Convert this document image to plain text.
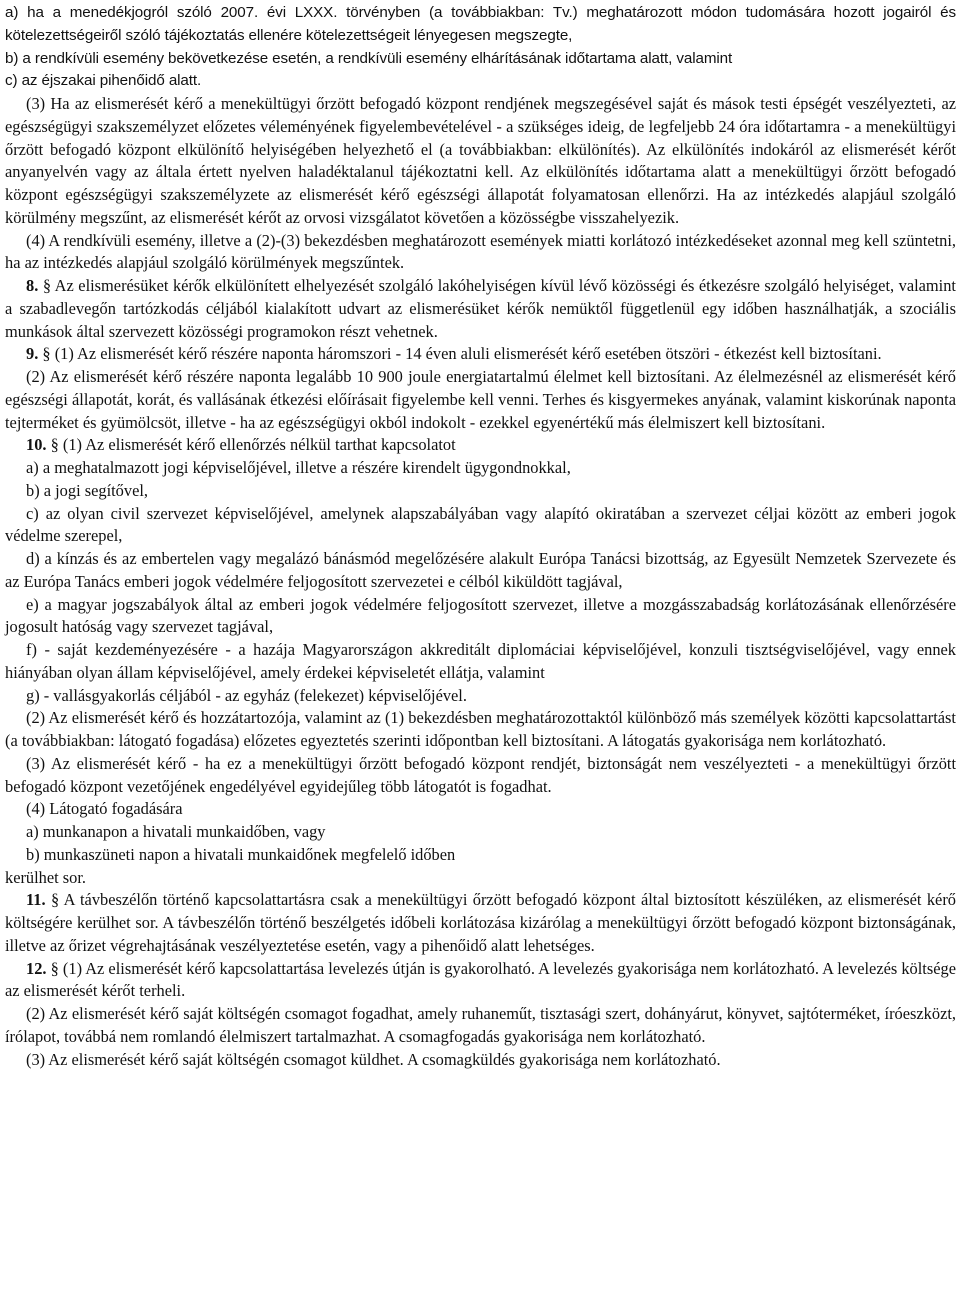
a) ha a menedékjogról szóló 2007. évi LXXX. törvényben (a továbbiakban: Tv.) meghatározott módon tudomására hozott jogairól és kötelezettségeiről szóló tájékoztatás ellenére kötelezettségeit lényegesen megszegte,

b) a rendkívüli esemény bekövetkezése esetén, a rendkívüli esemény elhárításának időtartama alatt, valamint

c) az éjszakai pihenőidő alatt.

(3) Ha az elismerését kérő a menekültügyi őrzött befogadó központ rendjének megszegésével saját és mások testi épségét veszélyezteti, az egészségügyi szakszemélyzet előzetes véleményének figyelembevételével - a szükséges ideig, de legfeljebb 24 óra időtartamra - a menekültügyi őrzött befogadó központ elkülönítő helyiségében helyezhető el (a továbbiakban: elkülönítés). Az elkülönítés indokáról az elismerését kérőt anyanyelvén vagy az általa értett nyelven haladéktalanul tájékoztatni kell. Az elkülönítés időtartama alatt a menekültügyi őrzött befogadó központ egészségügyi szakszemélyzete az elismerését kérő egészségi állapotát folyamatosan ellenőrzi. Ha az intézkedés alapjául szolgáló körülmény megszűnt, az elismerését kérőt az orvosi vizsgálatot követően a közösségbe visszahelyezik.

(4) A rendkívüli esemény, illetve a (2)-(3) bekezdésben meghatározott események miatti korlátozó intézkedéseket azonnal meg kell szüntetni, ha az intézkedés alapjául szolgáló körülmények megszűntek.

8. § Az elismerésüket kérők elkülönített elhelyezését szolgáló lakóhelyiségen kívül lévő közösségi és étkezésre szolgáló helyiséget, valamint a szabadlevegőn tartózkodás céljából kialakított udvart az elismerésüket kérők nemüktől függetlenül egy időben használhatják, a szociális munkások által szervezett közösségi programokon részt vehetnek.

9. § (1) Az elismerését kérő részére naponta háromszori - 14 éven aluli elismerését kérő esetében ötszöri - étkezést kell biztosítani.

(2) Az elismerését kérő részére naponta legalább 10 900 joule energiatartalmú élelmet kell biztosítani. Az élelmezésnél az elismerését kérő egészségi állapotát, korát, és vallásának étkezési előírásait figyelembe kell venni. Terhes és kisgyermekes anyának, valamint kiskorúnak naponta tejterméket és gyümölcsöt, illetve - ha az egészségügyi okból indokolt - ezekkel egyenértékű más élelmiszert kell biztosítani.

10. § (1) Az elismerését kérő ellenőrzés nélkül tarthat kapcsolatot

a) a meghatalmazott jogi képviselőjével, illetve a részére kirendelt ügygondnokkal,

b) a jogi segítővel,

c) az olyan civil szervezet képviselőjével, amelynek alapszabályában vagy alapító okiratában a szervezet céljai között az emberi jogok védelme szerepel,

d) a kínzás és az embertelen vagy megalázó bánásmód megelőzésére alakult Európa Tanácsi bizottság, az Egyesült Nemzetek Szervezete és az Európa Tanács emberi jogok védelmére feljogosított szervezetei e célból kiküldött tagjával,

e) a magyar jogszabályok által az emberi jogok védelmére feljogosított szervezet, illetve a mozgásszabadság korlátozásának ellenőrzésére jogosult hatóság vagy szervezet tagjával,

f) - saját kezdeményezésére - a hazája Magyarországon akkreditált diplomáciai képviselőjével, konzuli tisztségviselőjével, vagy ennek hiányában olyan állam képviselőjével, amely érdekei képviseletét ellátja, valamint

g) - vallásgyakorlás céljából - az egyház (felekezet) képviselőjével.

(2) Az elismerését kérő és hozzátartozója, valamint az (1) bekezdésben meghatározottaktól különböző más személyek közötti kapcsolattartást (a továbbiakban: látogató fogadása) előzetes egyeztetés szerinti időpontban kell biztosítani. A látogatás gyakorisága nem korlátozható.

(3) Az elismerését kérő - ha ez a menekültügyi őrzött befogadó központ rendjét, biztonságát nem veszélyezteti - a menekültügyi őrzött befogadó központ vezetőjének engedélyével egyidejűleg több látogatót is fogadhat.

(4) Látogató fogadására

a) munkanapon a hivatali munkaidőben, vagy

b) munkaszüneti napon a hivatali munkaidőnek megfelelő időben

kerülhet sor.

11. § A távbeszélőn történő kapcsolattartásra csak a menekültügyi őrzött befogadó központ által biztosított készüléken, az elismerését kérő költségére kerülhet sor. A távbeszélőn történő beszélgetés időbeli korlátozása kizárólag a menekültügyi őrzött befogadó központ biztonságának, illetve az őrizet végrehajtásának veszélyeztetése esetén, vagy a pihenőidő alatt lehetséges.

12. § (1) Az elismerését kérő kapcsolattartása levelezés útján is gyakorolható. A levelezés gyakorisága nem korlátozható. A levelezés költsége az elismerését kérőt terheli.

(2) Az elismerését kérő saját költségén csomagot fogadhat, amely ruhaneműt, tisztasági szert, dohányárut, könyvet, sajtóterméket, íróeszközt, írólapot, továbbá nem romlandó élelmiszert tartalmazhat. A csomagfogadás gyakorisága nem korlátozható.

(3) Az elismerését kérő saját költségén csomagot küldhet. A csomagküldés gyakorisága nem korlátozható.
